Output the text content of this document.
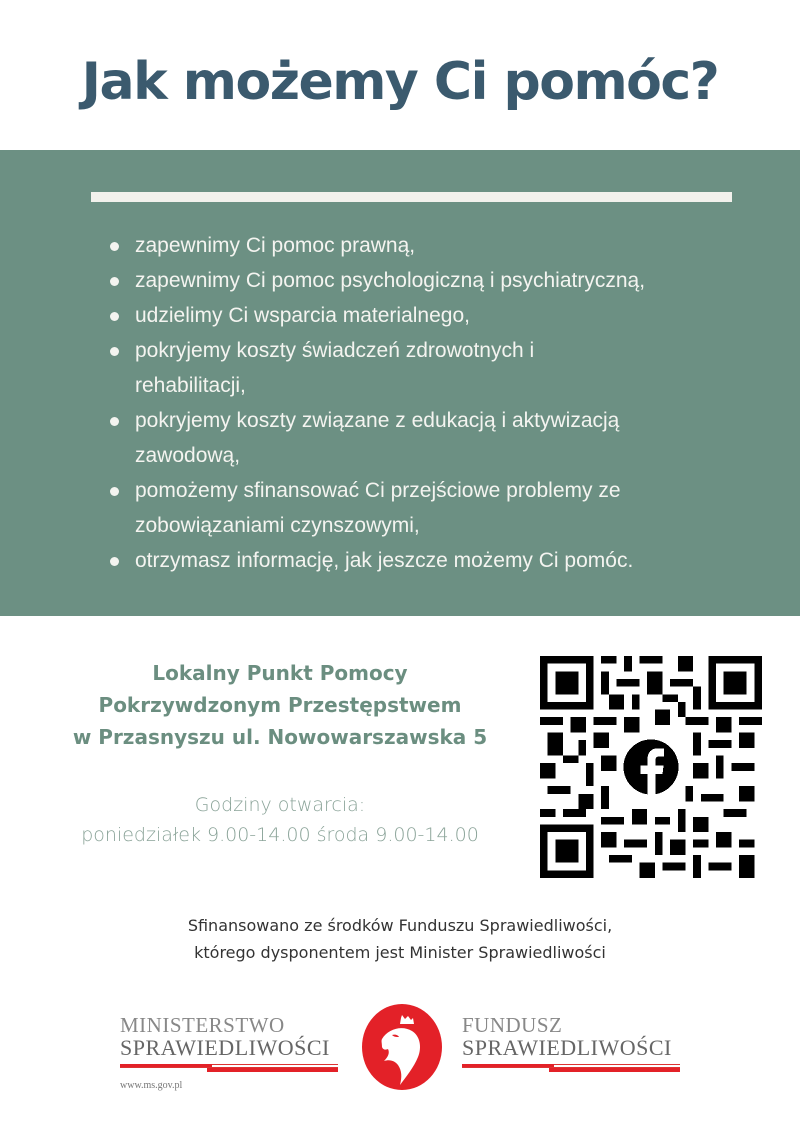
Jak możemy Ci pomóc?
zapewnimy Ci pomoc prawną,
zapewnimy Ci pomoc psychologiczną i psychiatryczną,
udzielimy Ci wsparcia materialnego,
pokryjemy koszty świadczeń zdrowotnych i rehabilitacji,
pokryjemy koszty związane z edukacją i aktywizacją zawodową,
pomożemy sfinansować Ci przejściowe problemy ze zobowiązaniami czynszowymi,
otrzymasz informację, jak jeszcze możemy Ci pomóc.
Lokalny Punkt Pomocy
Pokrzywdzonym Przestępstwem
w Przasnyszu ul. Nowowarszawska 5
Godziny otwarcia:
poniedziałek 9.00-14.00 środa 9.00-14.00
Sfinansowano ze środków Funduszu Sprawiedliwości,
którego dysponentem jest Minister Sprawiedliwości
MINISTERSTWO
SPRAWIEDLIWOŚCI
www.ms.gov.pl
FUNDUSZ
SPRAWIEDLIWOŚCI
